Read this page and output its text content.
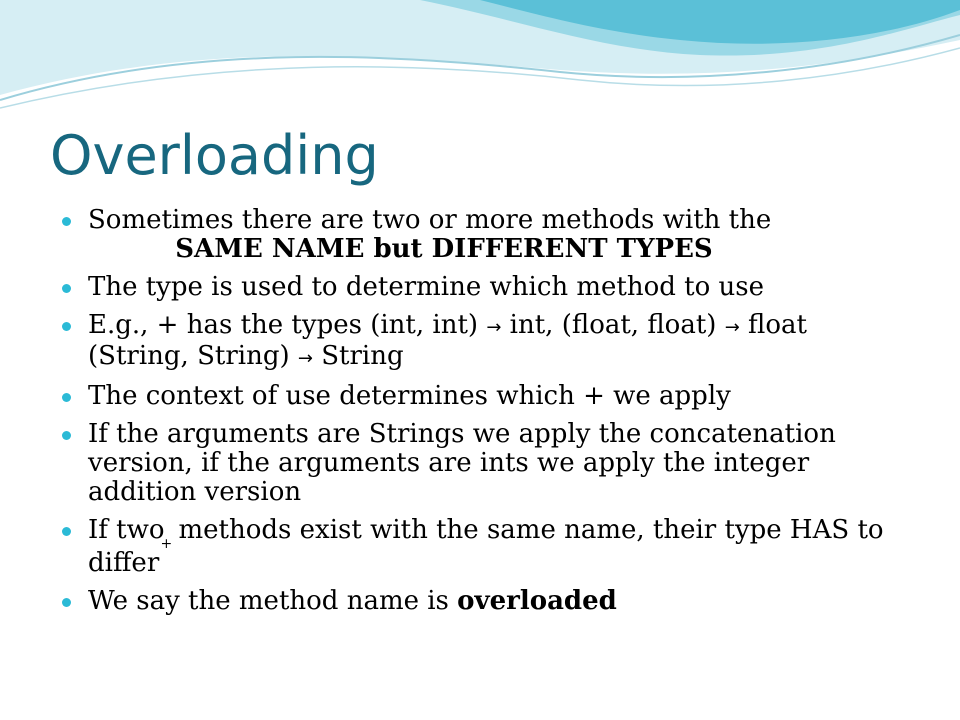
Overloading
Sometimes there are two or more methods with the
SAME NAME but DIFFERENT TYPES
The type is used to determine which method to use
E.g., + has the types (int, int) → int, (float, float) → float (String, String) → String
The context of use determines which + we apply
If the arguments are Strings we apply the concatenation version, if the arguments are ints we apply the integer addition version
If two$_+$ methods exist with the same name, their type HAS to differ
We say the method name is overloaded
